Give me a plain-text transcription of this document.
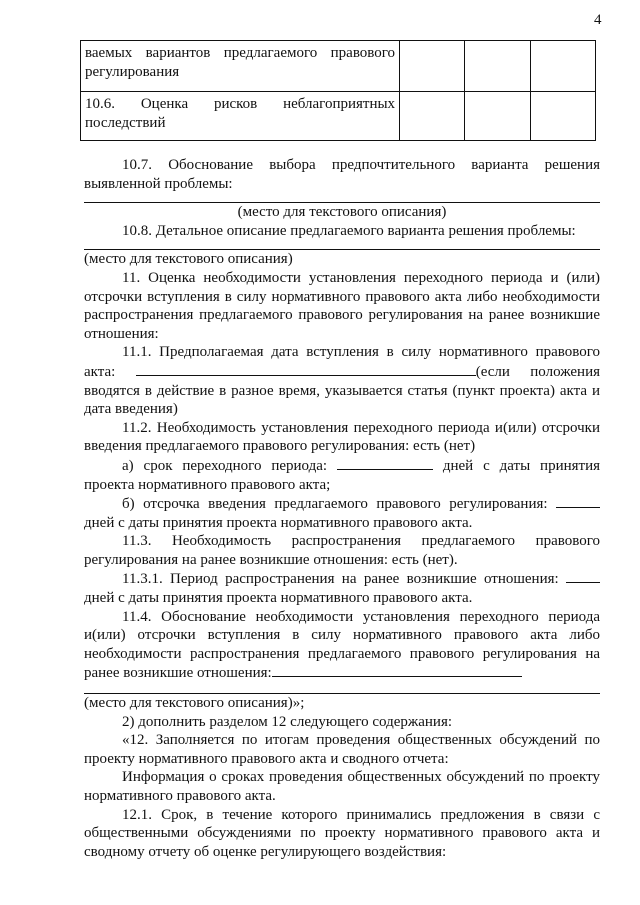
4
ваемых вариантов предлагаемого правового регулирования			
10.6. Оценка рисков неблагоприятных последствий			

10.7. Обоснование выбора предпочтительного варианта решения выявленной проблемы:

(место для текстового описания)

10.8. Детальное описание предлагаемого варианта решения проблемы:

(место для текстового описания)

11. Оценка необходимости установления переходного периода и (или) отсрочки вступления в силу нормативного правового акта либо необходимости распространения предлагаемого правового регулирования на ранее возникшие отношения:

11.1. Предполагаемая дата вступления в силу нормативного правового акта:	(если положения вводятся в действие в разное время, указывается статья (пункт проекта) акта и дата введения)

11.2. Необходимость установления переходного периода и(или) отсрочки введения предлагаемого правового регулирования: есть (нет)

а) срок переходного периода:	дней с даты принятия проекта нормативного правового акта;

б) отсрочка введения предлагаемого правового регулирования:  дней с даты принятия проекта нормативного правового акта.

11.3. Необходимость распространения предлагаемого правового регулирования на ранее возникшие отношения: есть (нет).

11.3.1. Период распространения на ранее возникшие отношения:  дней с даты принятия проекта нормативного правового акта.

11.4. Обоснование необходимости установления переходного периода и(или) отсрочки вступления в силу нормативного правового акта либо необходимости распространения предлагаемого правового регулирования на ранее возникшие отношения:

(место для текстового описания)»;

2) дополнить разделом 12 следующего содержания:

«12. Заполняется по итогам проведения общественных обсуждений по проекту нормативного правового акта и сводного отчета:

Информация о сроках проведения общественных обсуждений по проекту нормативного правового акта.

12.1. Срок, в течение которого принимались предложения в связи с общественными обсуждениями по проекту нормативного правового акта и сводному отчету об оценке регулирующего воздействия:
